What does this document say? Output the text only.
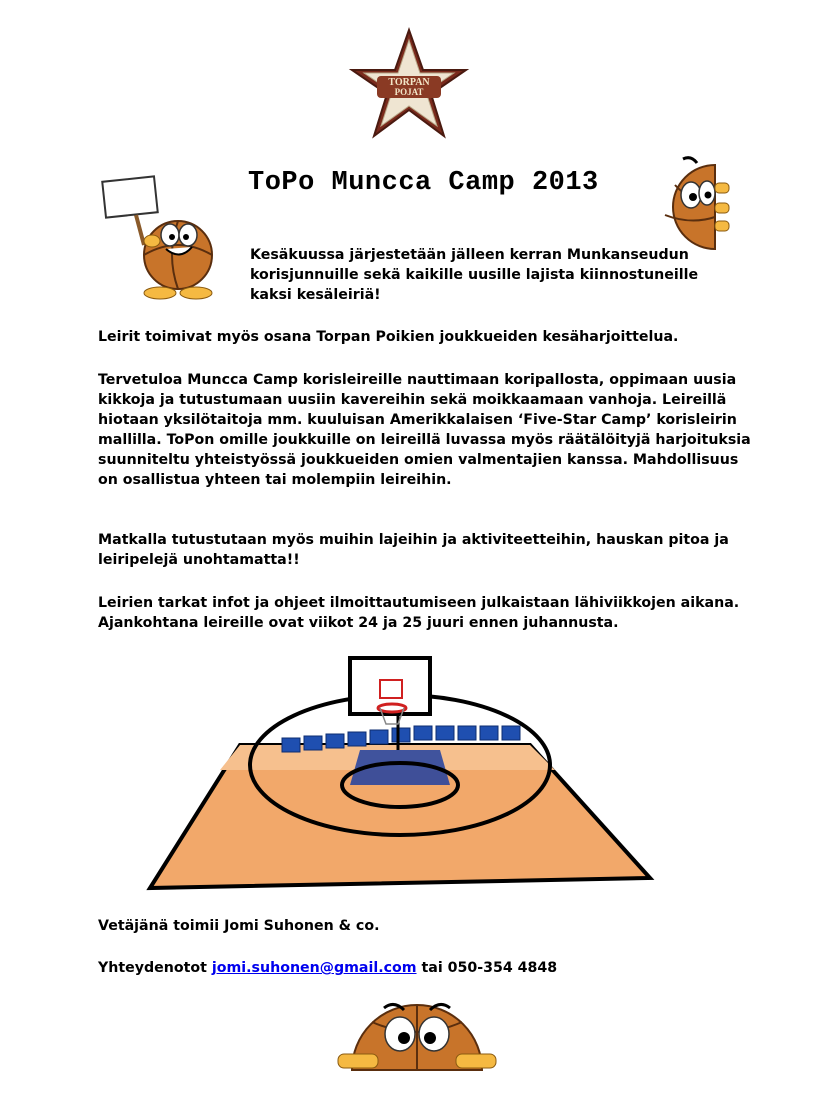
TORPAN
POJAT
ToPo Muncca Camp 2013

Kesäkuussa järjestetään jälleen kerran Munkanseudun korisjunnuille sekä kaikille uusille lajista kiinnostuneille kaksi kesäleiriä!

Leirit toimivat myös osana Torpan Poikien joukkueiden kesäharjoittelua.

Tervetuloa Muncca Camp korisleireille nauttimaan koripallosta, oppimaan uusia kikkoja ja tutustumaan uusiin kavereihin sekä moikkaamaan vanhoja. Leireillä hiotaan yksilötaitoja mm. kuuluisan Amerikkalaisen ‘Five-Star Camp’ korisleirin mallilla. ToPon omille joukkuille on leireillä luvassa myös räätälöityjä harjoituksia suunniteltu yhteistyössä joukkueiden omien valmentajien kanssa. Mahdollisuus on osallistua yhteen tai molempiin leireihin.

Matkalla tutustutaan myös muihin lajeihin ja aktiviteetteihin, hauskan pitoa ja leiripelejä unohtamatta!!

Leirien tarkat infot ja ohjeet ilmoittautumiseen julkaistaan lähiviikkojen aikana. Ajankohtana leireille ovat viikot 24 ja 25 juuri ennen juhannusta.

Vetäjänä toimii Jomi Suhonen & co.

Yhteydenotot jomi.suhonen@gmail.com tai 050-354 4848
